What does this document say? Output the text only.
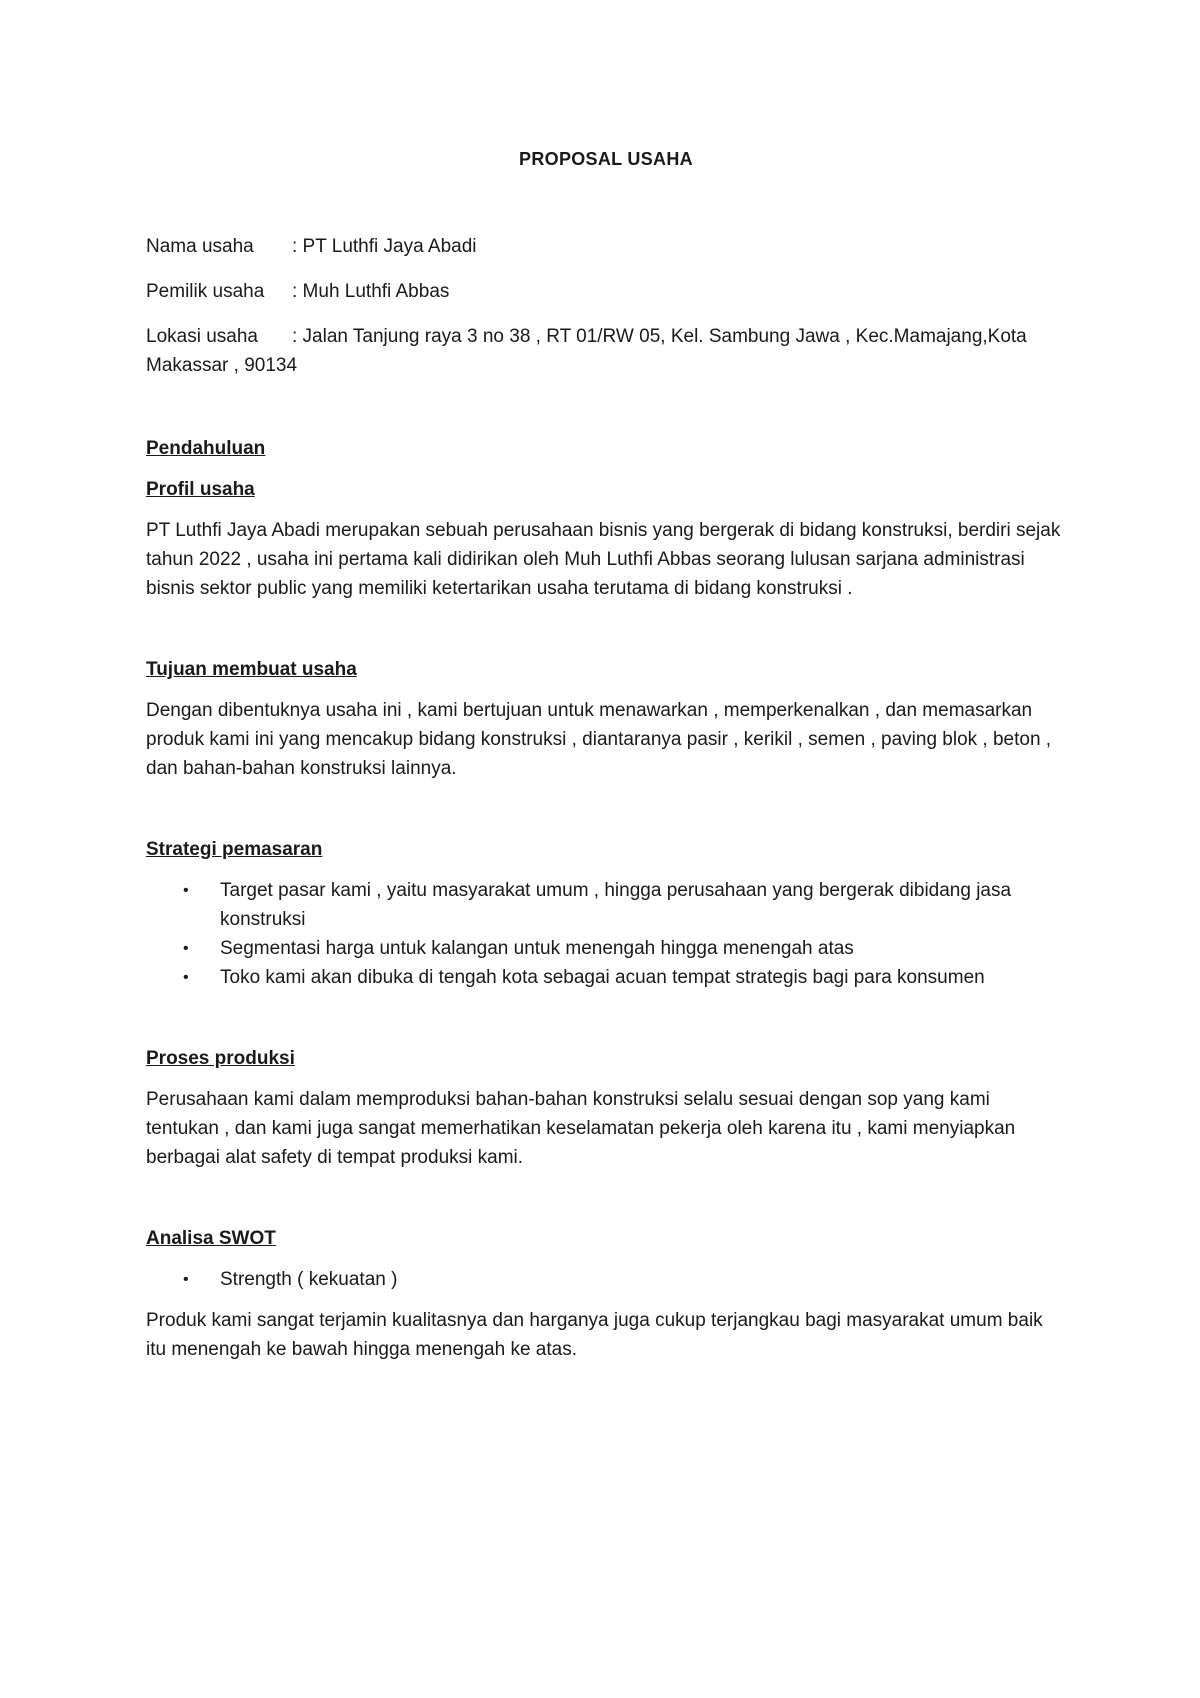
PROPOSAL USAHA
Nama usaha	: PT Luthfi Jaya Abadi
Pemilik usaha	: Muh Luthfi Abbas
Lokasi usaha : Jalan Tanjung raya 3 no 38 , RT 01/RW 05, Kel. Sambung Jawa , Kec.Mamajang,Kota Makassar , 90134
Pendahuluan
Profil usaha

PT Luthfi Jaya Abadi merupakan sebuah perusahaan bisnis yang bergerak di bidang konstruksi, berdiri sejak tahun 2022 , usaha ini pertama kali didirikan oleh Muh Luthfi Abbas seorang lulusan sarjana administrasi bisnis sektor public yang memiliki ketertarikan usaha terutama di bidang konstruksi .

Tujuan membuat usaha

Dengan dibentuknya usaha ini , kami bertujuan untuk menawarkan , memperkenalkan , dan memasarkan produk kami ini yang mencakup bidang konstruksi , diantaranya pasir , kerikil , semen , paving blok , beton , dan bahan-bahan konstruksi lainnya.

Strategi pemasaran
• Target pasar kami , yaitu masyarakat umum , hingga perusahaan yang bergerak dibidang jasa konstruksi
• Segmentasi harga untuk kalangan untuk menengah hingga menengah atas
• Toko kami akan dibuka di tengah kota sebagai acuan tempat strategis bagi para konsumen
Proses produksi

Perusahaan kami dalam memproduksi bahan-bahan konstruksi selalu sesuai dengan sop yang kami tentukan , dan kami juga sangat memerhatikan keselamatan pekerja oleh karena itu , kami menyiapkan berbagai alat safety di tempat produksi kami.

Analisa SWOT
• Strength ( kekuatan )

Produk kami sangat terjamin kualitasnya dan harganya juga cukup terjangkau bagi masyarakat umum baik itu menengah ke bawah hingga menengah ke atas.
